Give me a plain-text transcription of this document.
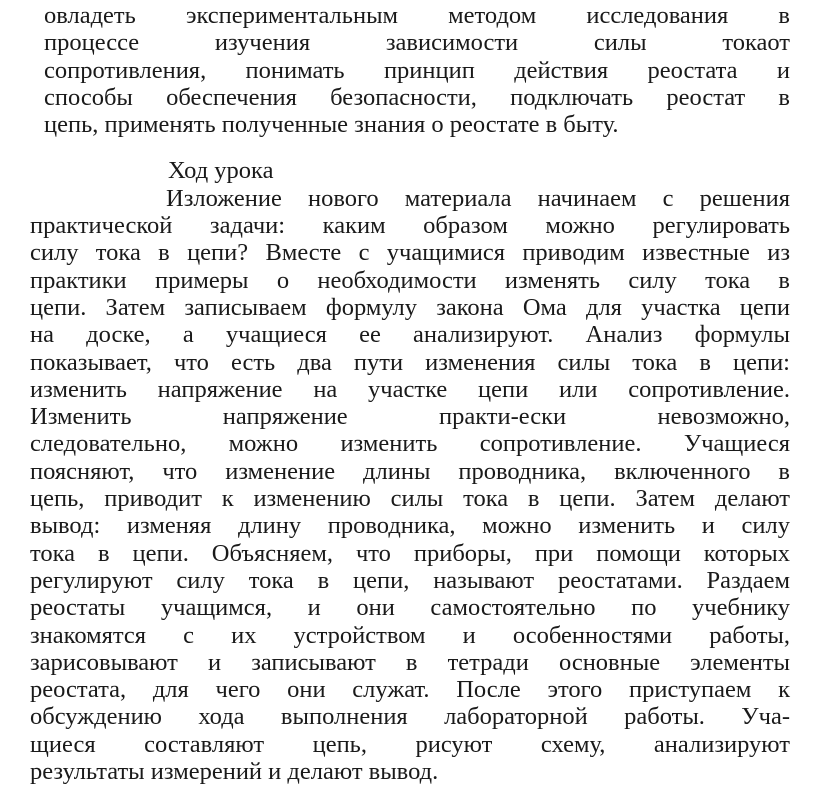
овладеть экспериментальным методом исследования в
процессе изучения зависимости силы токаот
сопротивления, понимать принцип действия реостата и
способы обеспечения безопасности, подключать реостат в
цепь, применять полученные знания о реостате в быту.
Ход урока
Изложение нового материала начинаем с решения
практической задачи: каким образом можно регулировать
силу тока в цепи? Вместе с учащимися приводим известные из
практики примеры о необходимости изменять силу тока в
цепи. Затем записываем формулу закона Ома для участка цепи
на доске, а учащиеся ее анализируют. Анализ формулы
показывает, что есть два пути изменения силы тока в цепи:
изменить напряжение на участке цепи или сопротивление.
Изменить напряжение практи-ески невозможно,
следовательно, можно изменить сопротивление. Учащиеся
поясняют, что изменение длины проводника, включенного в
цепь, приводит к изменению силы тока в цепи. Затем делают
вывод: изменяя длину проводника, можно изменить и силу
тока в цепи. Объясняем, что приборы, при помощи которых
регулируют силу тока в цепи, называют реостатами. Раздаем
реостаты учащимся, и они самостоятельно по учебнику
знакомятся с их устройством и особенностями работы,
зарисовывают и записывают в тетради основные элементы
реостата, для чего они служат. После этого приступаем к
обсуждению хода выполнения лабораторной работы. Уча-
щиеся составляют цепь, рисуют схему, анализируют
результаты измерений и делают вывод.
